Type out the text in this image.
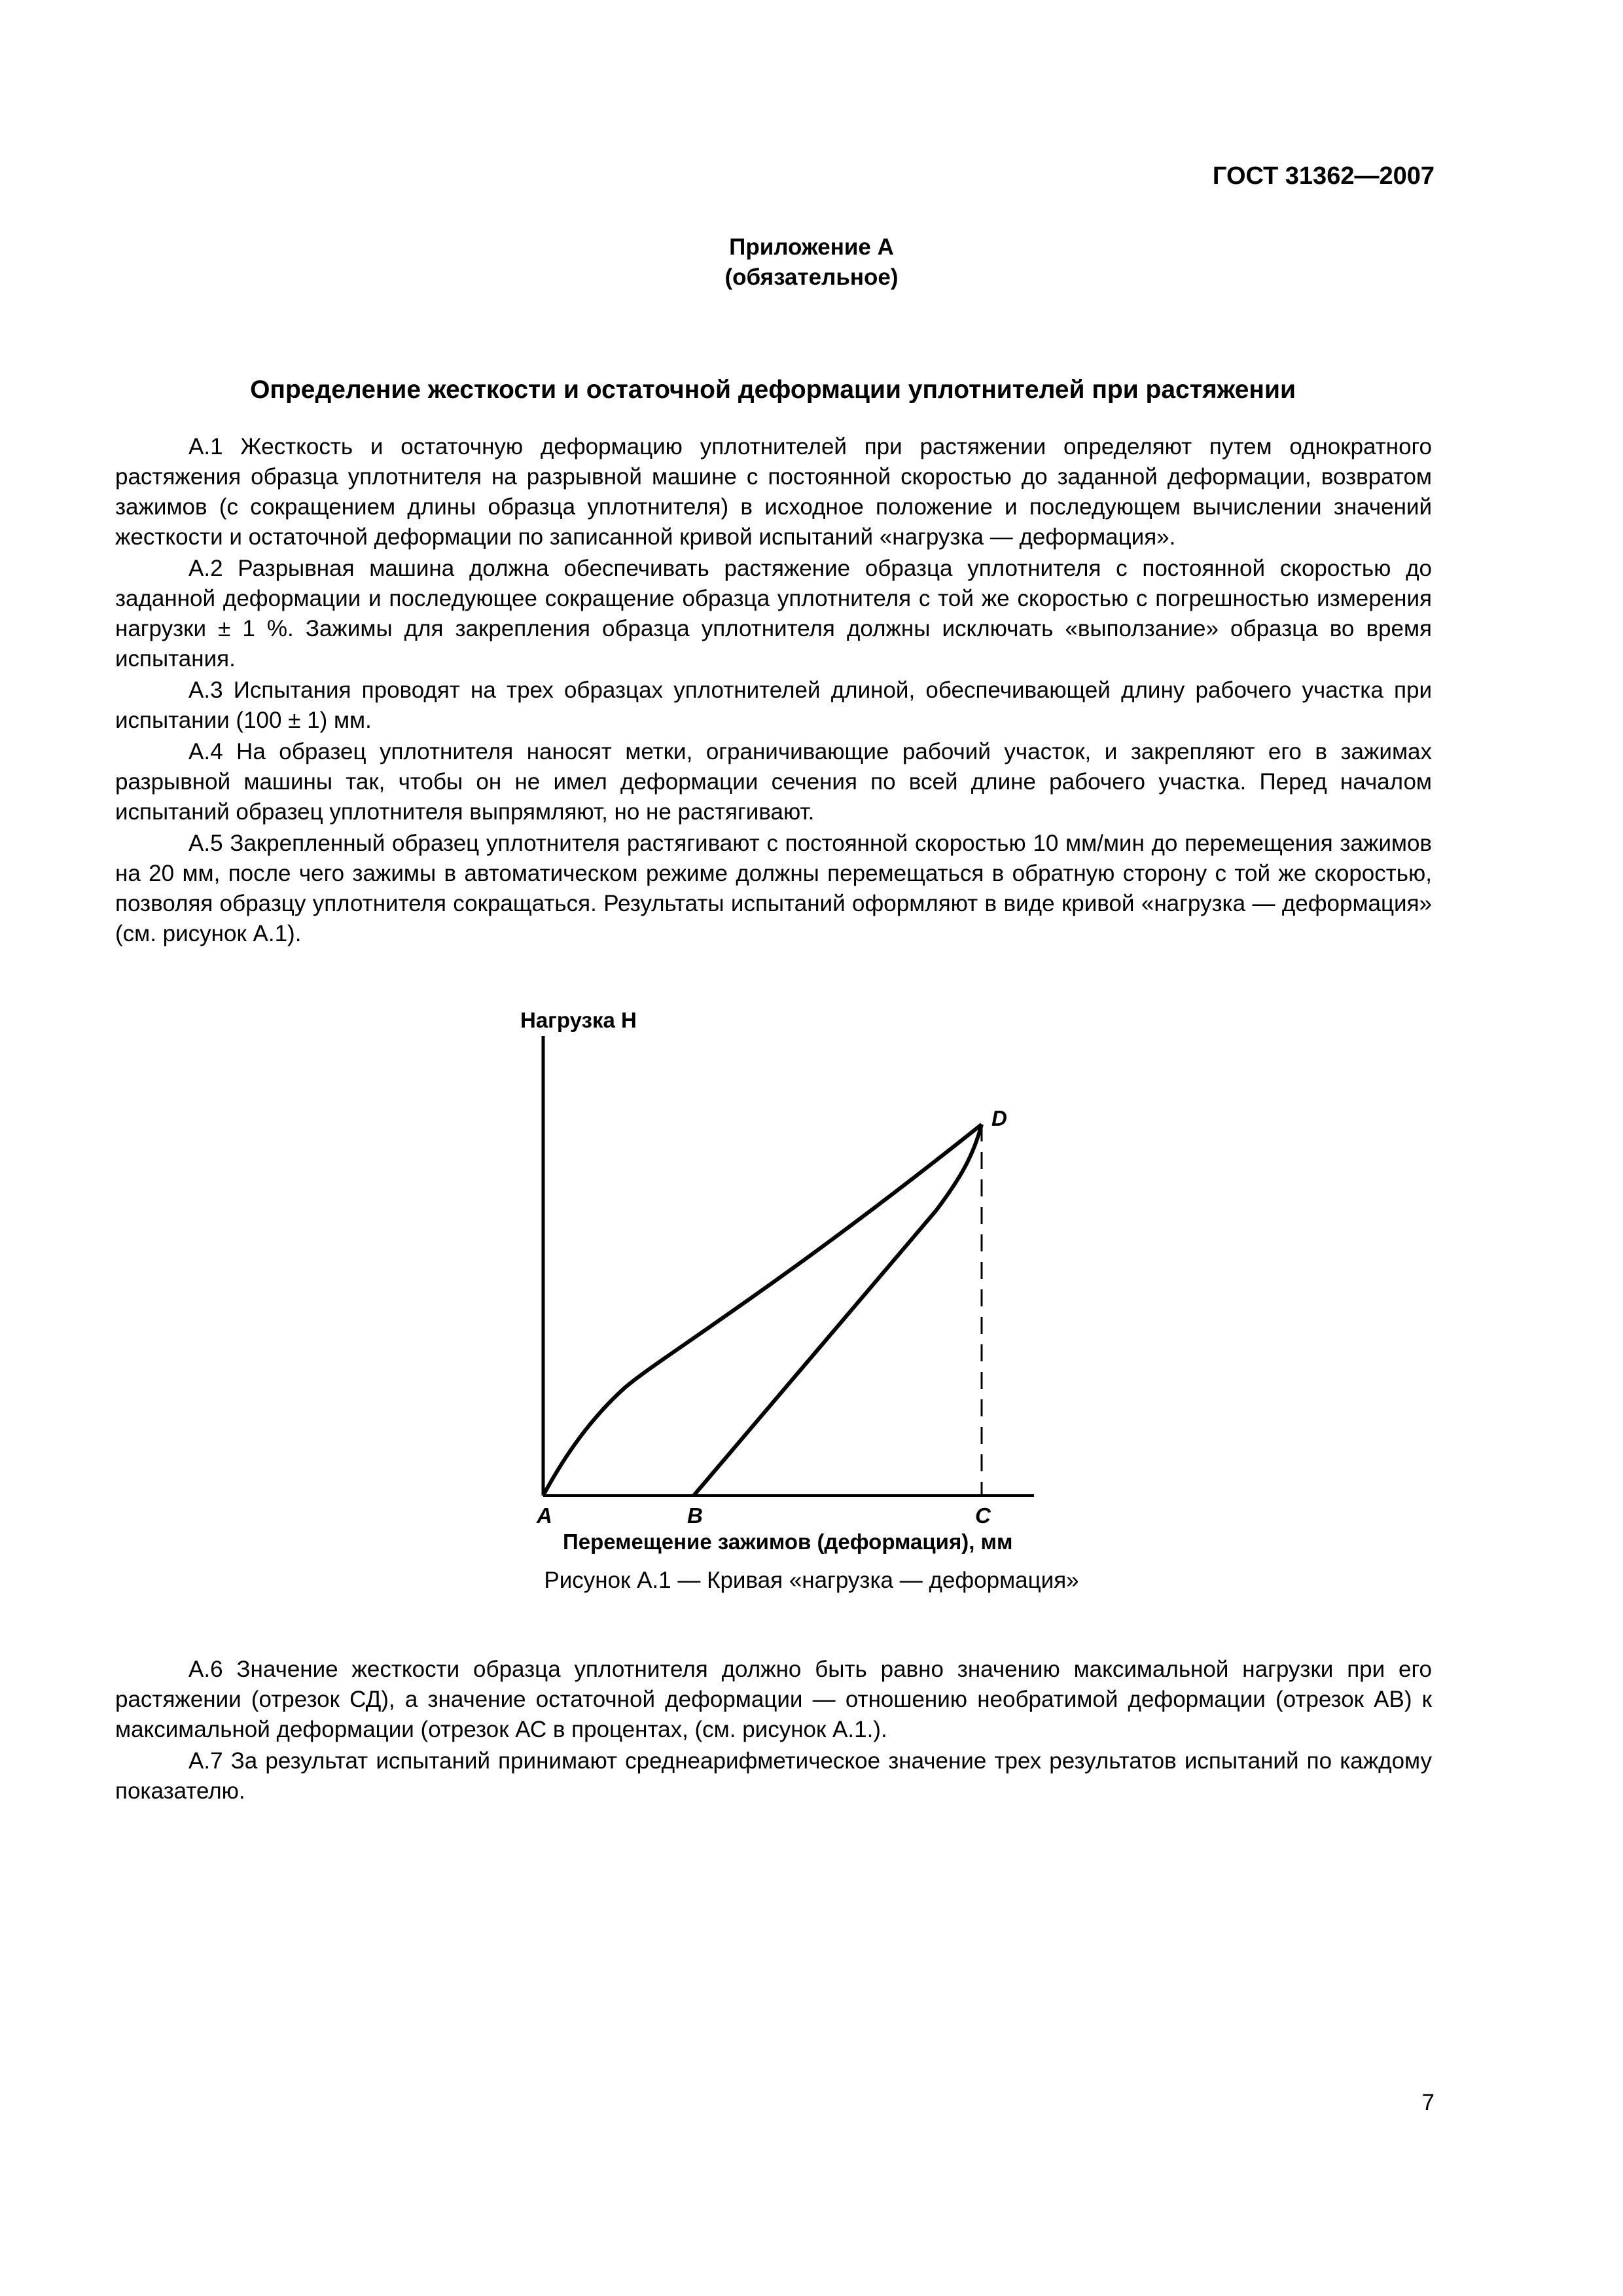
ГОСТ 31362—2007
Приложение А
(обязательное)
Определение жесткости и остаточной деформации уплотнителей при растяжении

А.1 Жесткость и остаточную деформацию уплотнителей при растяжении определяют путем однократного растяжения образца уплотнителя на разрывной машине с постоянной скоростью до заданной деформации, возвратом зажимов (с сокращением длины образца уплотнителя) в исходное положение и последующем вычислении значений жесткости и остаточной деформации по записанной кривой испытаний «нагрузка — деформация».

А.2 Разрывная машина должна обеспечивать растяжение образца уплотнителя с постоянной скоростью до заданной деформации и последующее сокращение образца уплотнителя с той же скоростью с погрешностью измерения нагрузки ± 1 %. Зажимы для закрепления образца уплотнителя должны исключать «выползание» образца во время испытания.

А.3 Испытания проводят на трех образцах уплотнителей длиной, обеспечивающей длину рабочего участка при испытании (100 ± 1) мм.

А.4 На образец уплотнителя наносят метки, ограничивающие рабочий участок, и закрепляют его в зажимах разрывной машины так, чтобы он не имел деформации сечения по всей длине рабочего участка. Перед началом испытаний образец уплотнителя выпрямляют, но не растягивают.

А.5 Закрепленный образец уплотнителя растягивают с постоянной скоростью 10 мм/мин до перемещения зажимов на 20 мм, после чего зажимы в автоматическом режиме должны перемещаться в обратную сторону с той же скоростью, позволяя образцу уплотнителя сокращаться. Результаты испытаний оформляют в виде кривой «нагрузка — деформация» (см. рисунок А.1).

Нагрузка H
D
A	B	C
Перемещение зажимов (деформация), мм
Рисунок А.1 — Кривая «нагрузка — деформация»

А.6 Значение жесткости образца уплотнителя должно быть равно значению максимальной нагрузки при его растяжении (отрезок СД), а значение остаточной деформации — отношению необратимой деформации (отрезок АВ) к максимальной деформации (отрезок АС в процентах, (см. рисунок А.1.).

А.7 За результат испытаний принимают среднеарифметическое значение трех результатов испытаний по каждому показателю.

7
